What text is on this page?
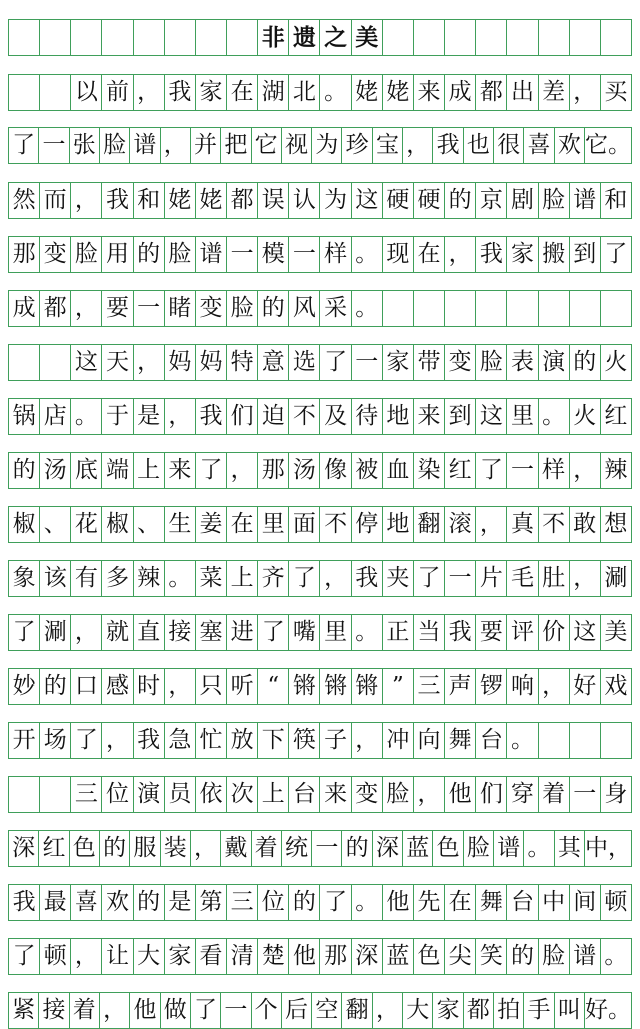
非 遗 之 美
以 前 ， 我 家 在 湖 北 。 姥 姥 来 成 都 出 差 ， 买
了 一 张 脸 谱 ， 并 把 它 视 为 珍 宝 ， 我 也 很 喜 欢 它。
然 而 ， 我 和 姥 姥 都 误 认 为 这 硬 硬 的 京 剧 脸 谱 和
那 变 脸 用 的 脸 谱 一 模 一 样 。 现 在 ， 我 家 搬 到 了
成 都 ， 要 一 睹 变 脸 的 风 采 。
这 天 ， 妈 妈 特 意 选 了 一 家 带 变 脸 表 演 的 火
锅 店 。 于 是 ， 我 们 迫 不 及 待 地 来 到 这 里 。 火 红
的 汤 底 端 上 来 了 ， 那 汤 像 被 血 染 红 了 一 样 ， 辣
椒 、 花 椒 、 生 姜 在 里 面 不 停 地 翻 滚 ， 真 不 敢 想
象 该 有 多 辣 。 菜 上 齐 了 ， 我 夹 了 一 片 毛 肚 ， 涮
了 涮 ， 就 直 接 塞 进 了 嘴 里 。 正 当 我 要 评 价 这 美
妙 的 口 感 时 ， 只 听 “ 锵 锵 锵 ” 三 声 锣 响 ， 好 戏
开 场 了 ， 我 急 忙 放 下 筷 子 ， 冲 向 舞 台 。
三 位 演 员 依 次 上 台 来 变 脸 ， 他 们 穿 着 一 身
深 红 色 的 服 装 ， 戴 着 统 一 的 深 蓝 色 脸 谱 。 其 中，
我 最 喜 欢 的 是 第 三 位 的 了 。 他 先 在 舞 台 中 间 顿
了 顿 ， 让 大 家 看 清 楚 他 那 深 蓝 色 尖 笑 的 脸 谱 。
紧 接 着 ， 他 做 了 一 个 后 空 翻 ， 大 家 都 拍 手 叫 好。
